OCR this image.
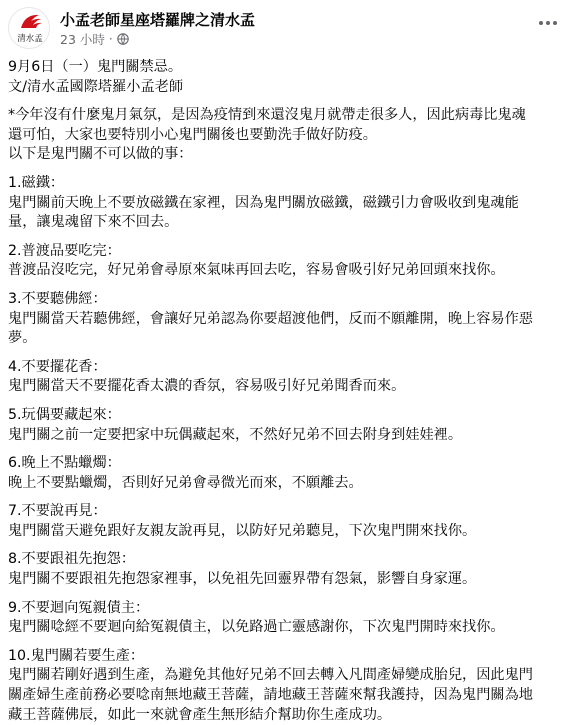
清水孟
小孟老師星座塔羅牌之清水孟
23 小時 ·

9月6日（一）鬼門關禁忌。

文/清水孟國際塔羅小孟老師

*今年沒有什麼鬼月氣氛，是因為疫情到來還沒鬼月就帶走很多人，因此病毒比鬼魂

還可怕，大家也要特別小心鬼門關後也要勤洗手做好防疫。

以下是鬼門關不可以做的事：

1.磁鐵：

鬼門關前天晚上不要放磁鐵在家裡，因為鬼門關放磁鐵，磁鐵引力會吸收到鬼魂能

量，讓鬼魂留下來不回去。

2.普渡品要吃完：

普渡品沒吃完，好兄弟會尋原來氣味再回去吃，容易會吸引好兄弟回頭來找你。

3.不要聽佛經：

鬼門關當天若聽佛經，會讓好兄弟認為你要超渡他們，反而不願離開，晚上容易作惡

夢。

4.不要擺花香：

鬼門關當天不要擺花香太濃的香氛，容易吸引好兄弟聞香而來。

5.玩偶要藏起來：

鬼門關之前一定要把家中玩偶藏起來，不然好兄弟不回去附身到娃娃裡。

6.晚上不點蠟燭：

晚上不要點蠟燭，否則好兄弟會尋微光而來，不願離去。

7.不要說再見：

鬼門關當天避免跟好友親友說再見，以防好兄弟聽見，下次鬼門開來找你。

8.不要跟祖先抱怨：

鬼門關不要跟祖先抱怨家裡事，以免祖先回靈界帶有怨氣，影響自身家運。

9.不要迴向冤親債主：

鬼門關唸經不要迴向給冤親債主，以免路過亡靈感謝你，下次鬼門開時來找你。

10.鬼門關若要生產：

鬼門關若剛好遇到生產，為避免其他好兄弟不回去轉入凡間產婦變成胎兒，因此鬼門

關產婦生產前務必要唸南無地藏王菩薩，請地藏王菩薩來幫我護持，因為鬼門關為地

藏王菩薩佛辰，如此一來就會產生無形結介幫助你生產成功。
